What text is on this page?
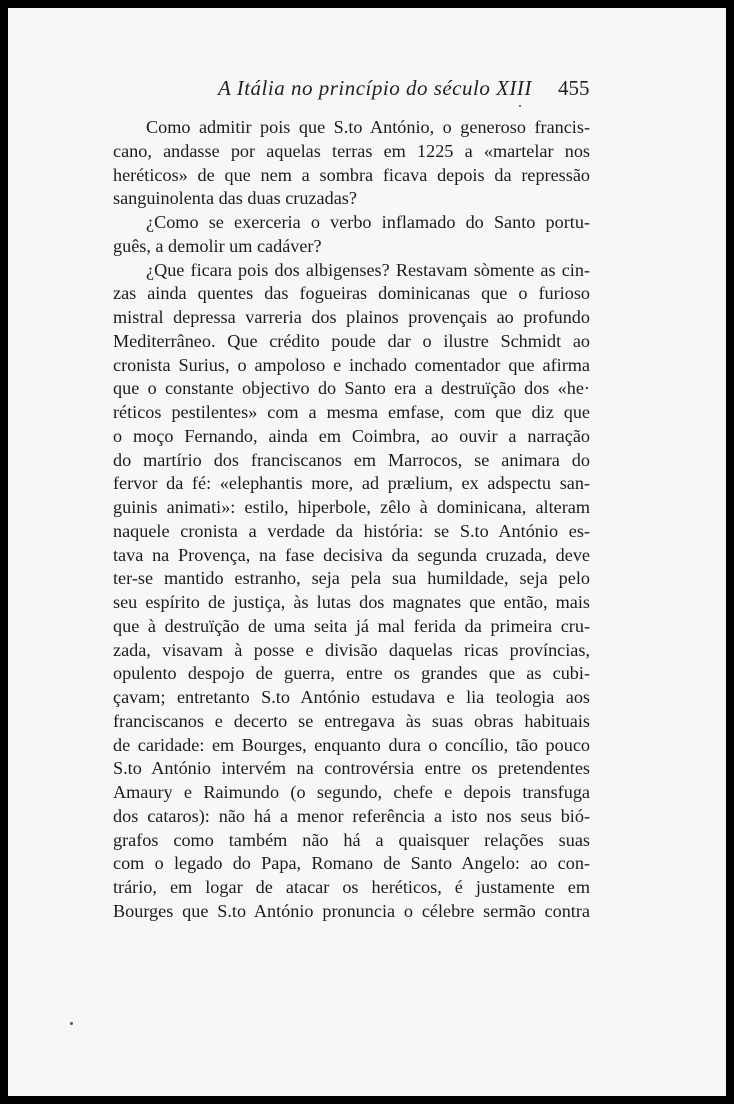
A Itália no princípio do século XIII 455
Como admitir pois que S.to António, o generoso francis-
cano, andasse por aquelas terras em 1225 a «martelar nos
heréticos» de que nem a sombra ficava depois da repressão
sanguinolenta das duas cruzadas?
¿Como se exerceria o verbo inflamado do Santo portu-
guês, a demolir um cadáver?
¿Que ficara pois dos albigenses? Restavam sòmente as cin-
zas ainda quentes das fogueiras dominicanas que o furioso
mistral depressa varreria dos plainos provençais ao profundo
Mediterrâneo. Que crédito poude dar o ilustre Schmidt ao
cronista Surius, o ampoloso e inchado comentador que afirma
que o constante objectivo do Santo era a destruïção dos «he·
réticos pestilentes» com a mesma emfase, com que diz que
o moço Fernando, ainda em Coimbra, ao ouvir a narração
do martírio dos franciscanos em Marrocos, se animara do
fervor da fé: «elephantis more, ad prælium, ex adspectu san-
guinis animati»: estilo, hiperbole, zêlo à dominicana, alteram
naquele cronista a verdade da história: se S.to António es-
tava na Provença, na fase decisiva da segunda cruzada, deve
ter-se mantido estranho, seja pela sua humildade, seja pelo
seu espírito de justiça, às lutas dos magnates que então, mais
que à destruïção de uma seita já mal ferida da primeira cru-
zada, visavam à posse e divisão daquelas ricas províncias,
opulento despojo de guerra, entre os grandes que as cubi-
çavam; entretanto S.to António estudava e lia teologia aos
franciscanos e decerto se entregava às suas obras habituais
de caridade: em Bourges, enquanto dura o concílio, tão pouco
S.to António intervém na controvérsia entre os pretendentes
Amaury e Raimundo (o segundo, chefe e depois transfuga
dos cataros): não há a menor referência a isto nos seus bió-
grafos como também não há a quaisquer relações suas
com o legado do Papa, Romano de Santo Angelo: ao con-
trário, em logar de atacar os heréticos, é justamente em
Bourges que S.to António pronuncia o célebre sermão contra
